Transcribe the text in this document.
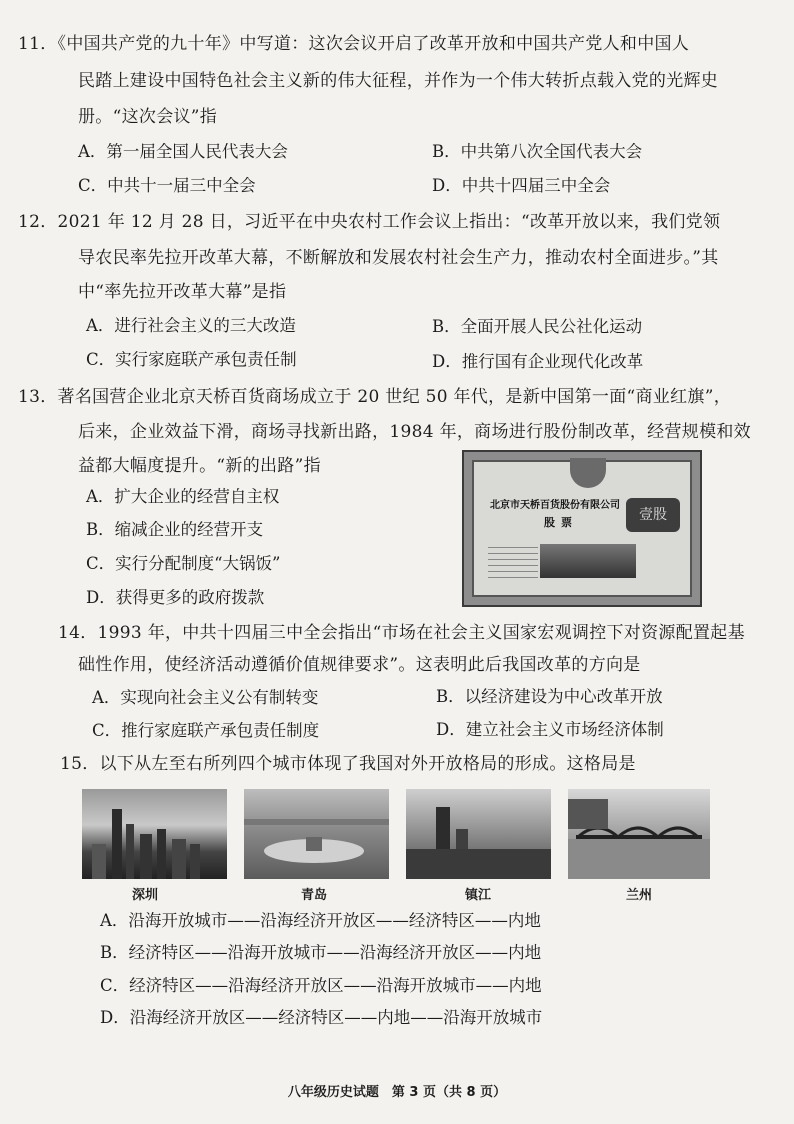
11．《中国共产党的九十年》中写道：这次会议开启了改革开放和中国共产党人和中国人
民踏上建设中国特色社会主义新的伟大征程，并作为一个伟大转折点载入党的光辉史
册。“这次会议”指
A．第一届全国人民代表大会	B．中共第八次全国代表大会
C．中共十一届三中全会	D．中共十四届三中全会
12．2021 年 12 月 28 日，习近平在中央农村工作会议上指出：“改革开放以来，我们党领
导农民率先拉开改革大幕，不断解放和发展农村社会生产力，推动农村全面进步。”其
中“率先拉开改革大幕”是指
A．进行社会主义的三大改造	B．全面开展人民公社化运动
C．实行家庭联产承包责任制	D．推行国有企业现代化改革
13．著名国营企业北京天桥百货商场成立于 20 世纪 50 年代，是新中国第一面“商业红旗”，
后来，企业效益下滑，商场寻找新出路，1984 年，商场进行股份制改革，经营规模和效
益都大幅度提升。“新的出路”指
A．扩大企业的经营自主权
B．缩减企业的经营开支
C．实行分配制度“大锅饭”
D．获得更多的政府拨款
北京市天桥百货股份有限公司
股票	壹股
14．1993 年，中共十四届三中全会指出“市场在社会主义国家宏观调控下对资源配置起基
础性作用，使经济活动遵循价值规律要求”。这表明此后我国改革的方向是
A．实现向社会主义公有制转变	B．以经济建设为中心改革开放
C．推行家庭联产承包责任制度	D．建立社会主义市场经济体制
15．以下从左至右所列四个城市体现了我国对外开放格局的形成。这格局是
深圳	青岛	镇江	兰州
A．沿海开放城市——沿海经济开放区——经济特区——内地
B．经济特区——沿海开放城市——沿海经济开放区——内地
C．经济特区——沿海经济开放区——沿海开放城市——内地
D．沿海经济开放区——经济特区——内地——沿海开放城市
八年级历史试题　第 3 页（共 8 页）
